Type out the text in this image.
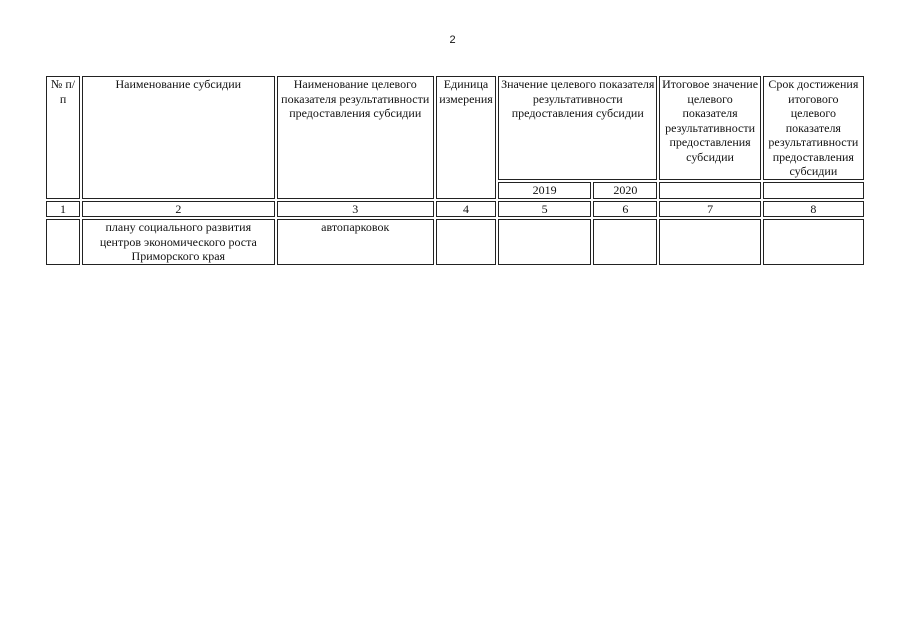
2
№ п/п	Наименование субсидии	Наименование целевого показателя результативности предоставления субсидии	Единица измерения	Значение целевого показателя результативности предоставления субсидии		Итоговое значение целевого показателя результативности предоставления субсидии	Срок достижения итогового целевого показателя результативности предоставления субсидии
				2019	2020		
1	2	3	4	5	6	7	8
	плану социального развития центров экономического роста Приморского края	автопарковок					
